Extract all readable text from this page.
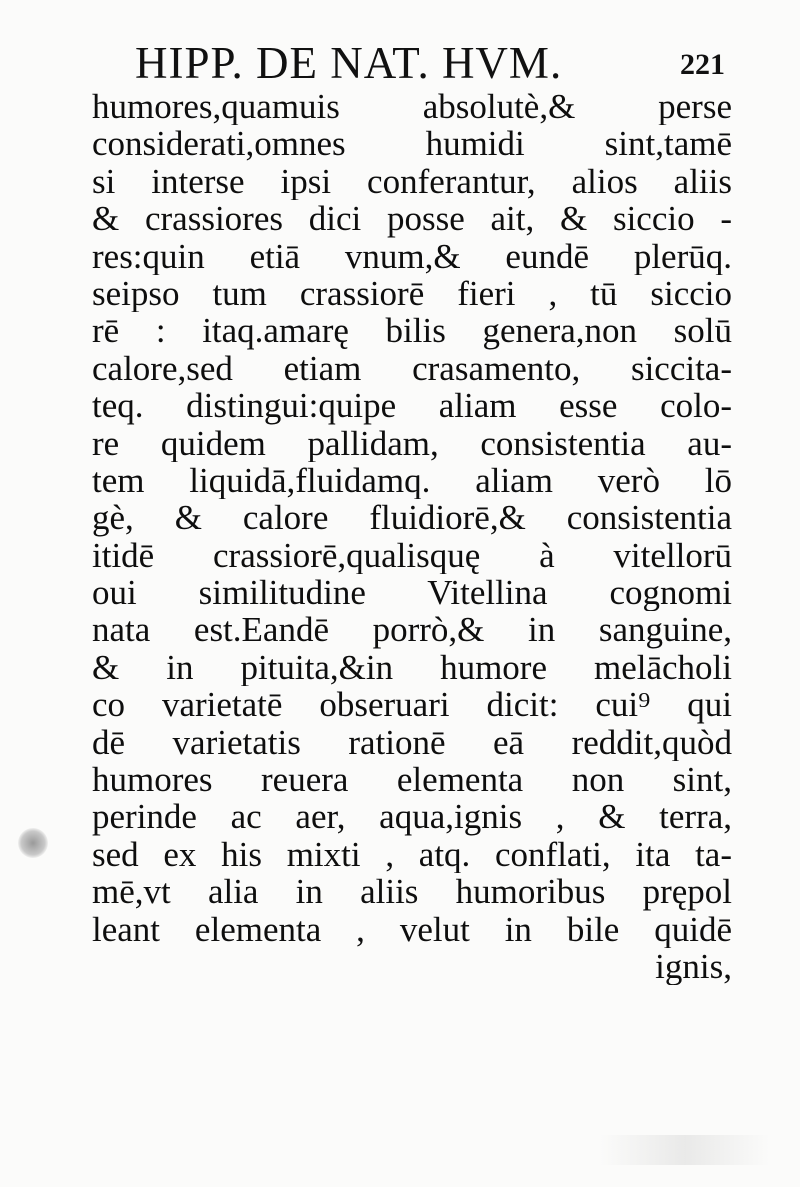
HIPP. DE NAT. HVM.	221
humores,quamuis absolutè,& perse
considerati,omnes humidi sint,tamē
si interse ipsi conferantur, alios aliis
& crassiores dici posse ait, & siccio -
res:quin etiā vnum,& eundē plerūq.
seipso tum crassiorē fieri , tū siccio
rē : itaq.amarę bilis genera,non solū
calore,sed etiam crasamento, siccita-
teq. distingui:quipe aliam esse colo-
re quidem pallidam, consistentia au-
tem liquidā,fluidamq. aliam verò lō
gè, & calore fluidiorē,& consistentia
itidē crassiorē,qualisquę à vitellorū
oui similitudine Vitellina cognomi
nata est.Eandē porrò,& in sanguine,
& in pituita,&in humore melācholi
co varietatē obseruari dicit: cui⁹ qui
dē varietatis rationē eā reddit,quòd
humores reuera elementa non sint,
perinde ac aer, aqua,ignis , & terra,
sed ex his mixti , atq. conflati, ita ta-
mē,vt alia in aliis humoribus prępol
leant elementa , velut in bile quidē
ignis,
